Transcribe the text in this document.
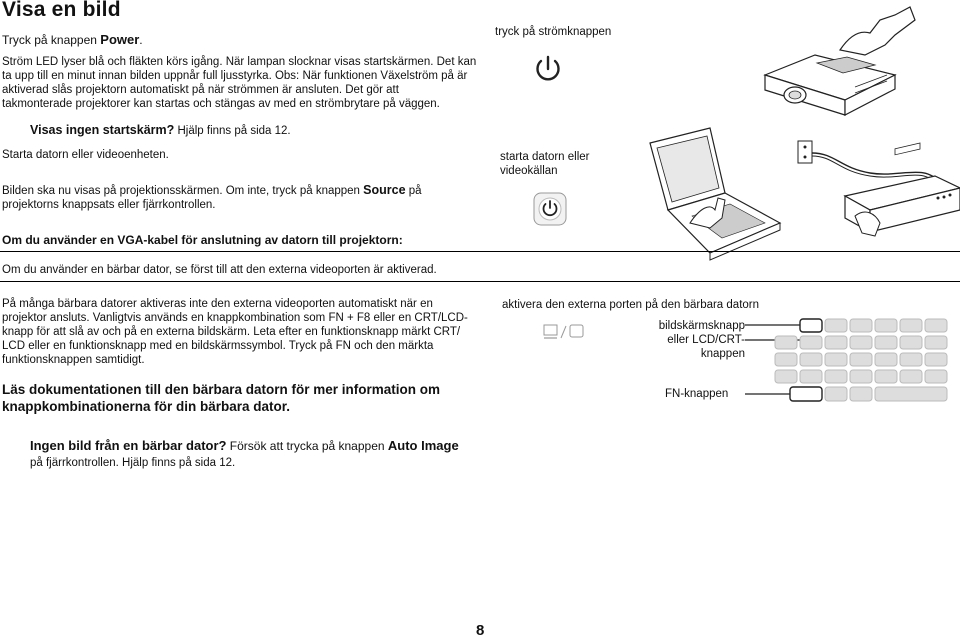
Visa en bild
Tryck på knappen Power.
Ström LED lyser blå och fläkten körs igång. När lampan slocknar visas startskärmen. Det kan
ta upp till en minut innan bilden uppnår full ljusstyrka. Obs: När funktionen Växelström på är
aktiverad slås projektorn automatiskt på när strömmen är ansluten. Det gör att
takmonterade projektorer kan startas och stängas av med en strömbrytare på väggen.
tryck på strömknappen
Visas ingen startskärm? Hjälp finns på sida 12.
Starta datorn eller videoenheten.
Bilden ska nu visas på projektionsskärmen. Om inte, tryck på knappen Source på
projektorns knappsats eller fjärrkontrollen.
starta datorn eller
videokällan
Om du använder en VGA-kabel för anslutning av datorn till projektorn:
Om du använder en bärbar dator, se först till att den externa videoporten är aktiverad.
På många bärbara datorer aktiveras inte den externa videoporten automatiskt när en
projektor ansluts. Vanligtvis används en knappkombination som FN + F8 eller en CRT/LCD-
knapp för att slå av och på en externa bildskärm. Leta efter en funktionsknapp märkt CRT/
LCD eller en funktionsknapp med en bildskärmssymbol. Tryck på FN och den märkta
funktionsknappen samtidigt.
aktivera den externa porten på den bärbara datorn
bildskärmsknapp
eller LCD/CRT-
knappen
FN-knappen
Läs dokumentationen till den bärbara datorn för mer information om
knappkombinationerna för din bärbara dator.
Ingen bild från en bärbar dator? Försök att trycka på knappen Auto Image
på fjärrkontrollen. Hjälp finns på sida 12.
8
